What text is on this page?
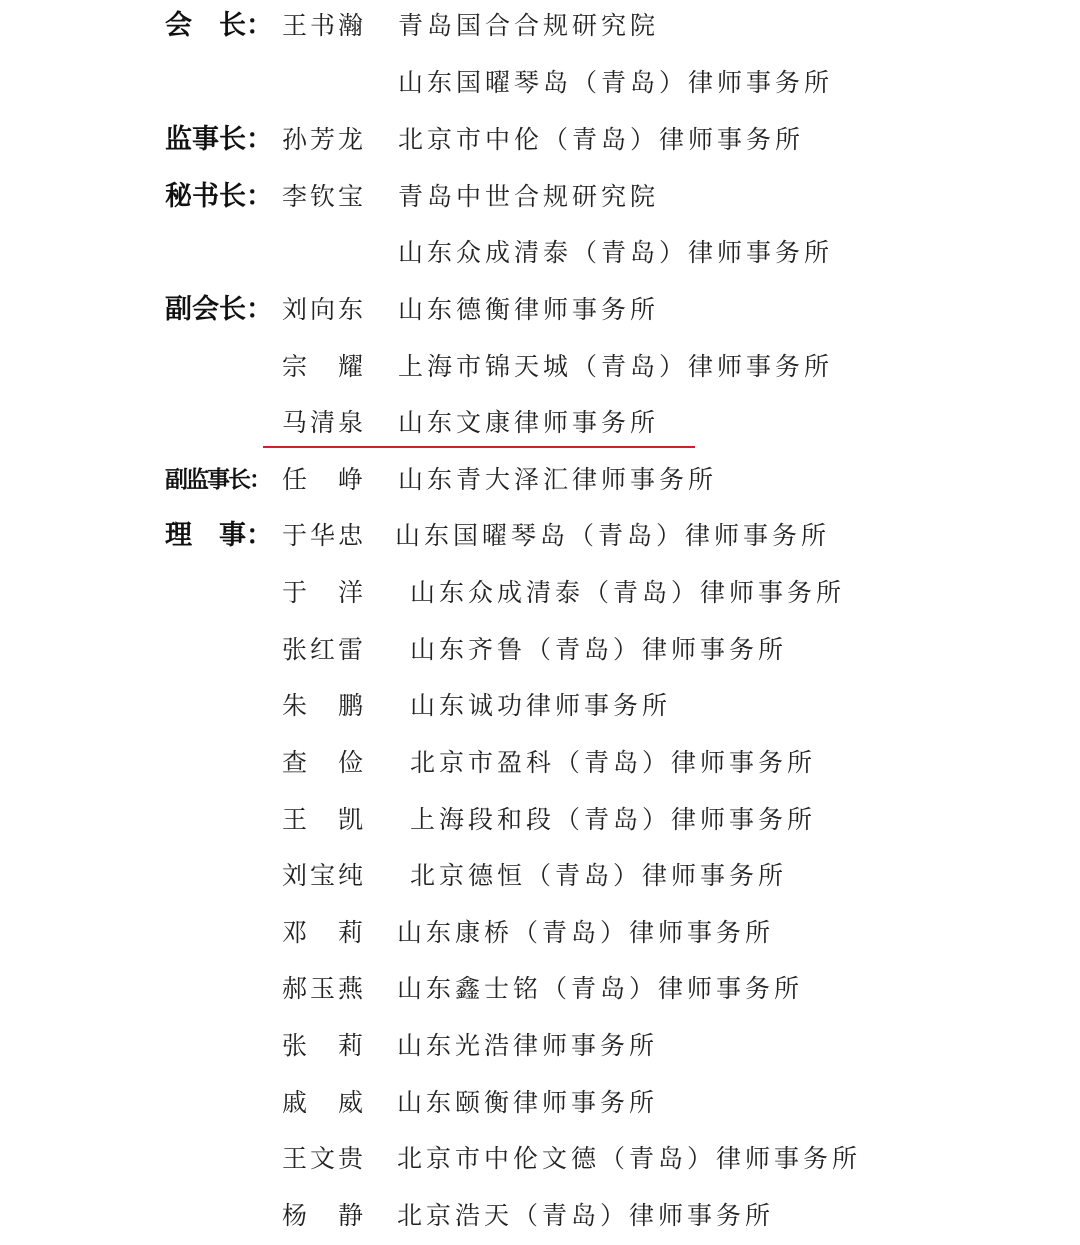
会　长： 王书瀚 青岛国合合规研究院
山东国曜琴岛（青岛）律师事务所
监事长： 孙芳龙 北京市中伦（青岛）律师事务所
秘书长： 李钦宝 青岛中世合规研究院
山东众成清泰（青岛）律师事务所
副会长： 刘向东 山东德衡律师事务所
宗　耀 上海市锦天城（青岛）律师事务所
马清泉 山东文康律师事务所
副监事长： 任　峥 山东青大泽汇律师事务所
理　事： 于华忠 山东国曜琴岛（青岛）律师事务所
于　洋 山东众成清泰（青岛）律师事务所
张红雷 山东齐鲁（青岛）律师事务所
朱　鹏 山东诚功律师事务所
查　俭 北京市盈科（青岛）律师事务所
王　凯 上海段和段（青岛）律师事务所
刘宝纯 北京德恒（青岛）律师事务所
邓　莉 山东康桥（青岛）律师事务所
郝玉燕 山东鑫士铭（青岛）律师事务所
张　莉 山东光浩律师事务所
戚　威 山东颐衡律师事务所
王文贵 北京市中伦文德（青岛）律师事务所
杨　静 北京浩天（青岛）律师事务所
